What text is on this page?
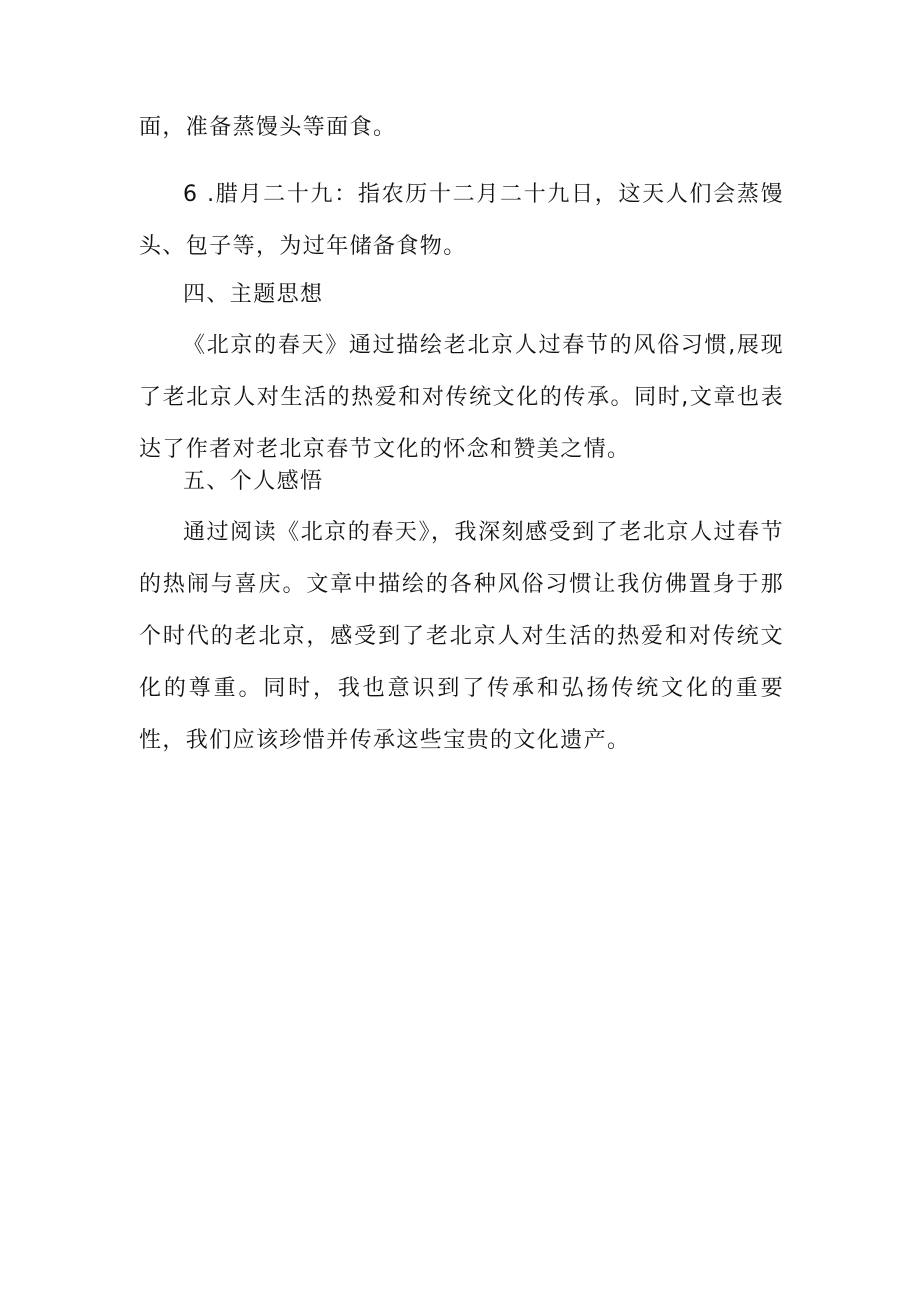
面，准备蒸馒头等面食。

6 .腊月二十九：指农历十二月二十九日，这天人们会蒸馒头、包子等，为过年储备食物。

四、主题思想

《北京的春天》通过描绘老北京人过春节的风俗习惯,展现了老北京人对生活的热爱和对传统文化的传承。同时,文章也表达了作者对老北京春节文化的怀念和赞美之情。

五、个人感悟

通过阅读《北京的春天》，我深刻感受到了老北京人过春节的热闹与喜庆。文章中描绘的各种风俗习惯让我仿佛置身于那个时代的老北京，感受到了老北京人对生活的热爱和对传统文化的尊重。同时，我也意识到了传承和弘扬传统文化的重要性，我们应该珍惜并传承这些宝贵的文化遗产。
